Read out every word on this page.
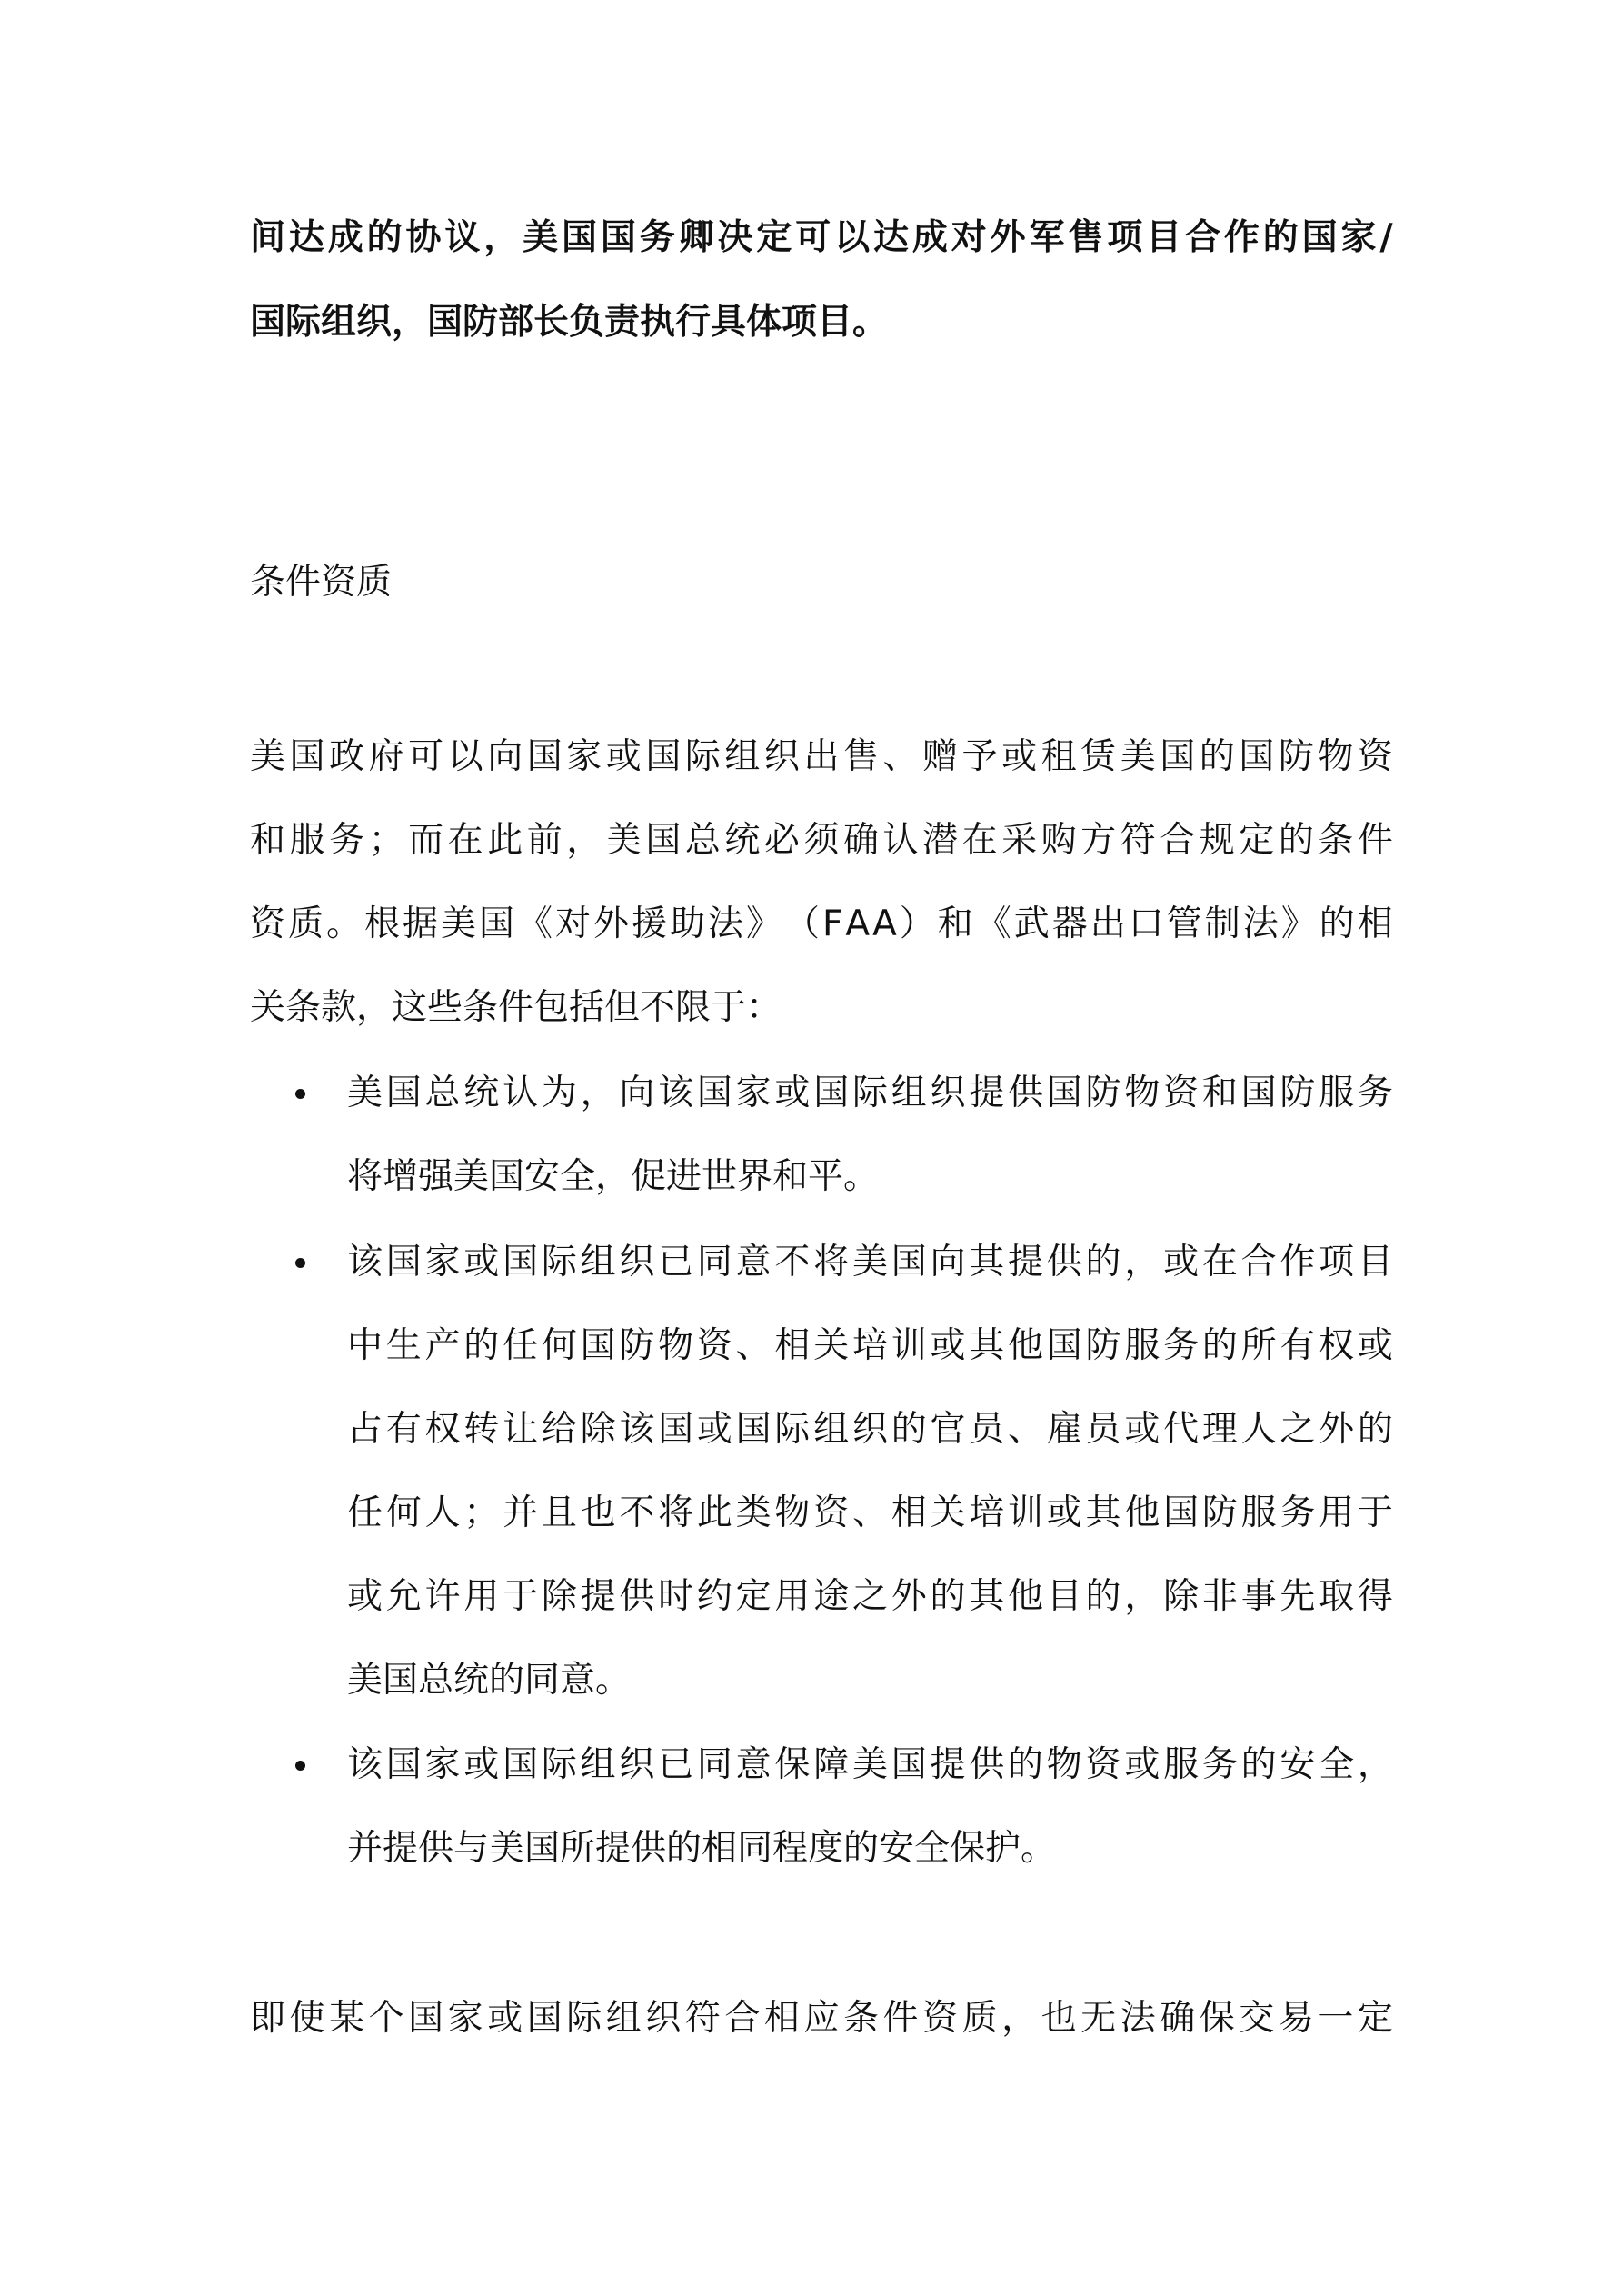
间 达 成 的 协 议 ， 美 国 国 务 卿 决 定 可 以 达 成 对 外 军 售 项 目 合 作 的 国 家 /
国际组织，国防部长负责执行具体项目。
条件资质
美 国 政 府 可 以 向 国 家 或 国 际 组 织 出 售 、 赠 予 或 租 赁 美 国 的 国 防 物 资
和 服 务 ； 而 在 此 前 ， 美 国 总 统 必 须 确 认 潜 在 采 购 方 符 合 规 定 的 条 件
资 质 。 根 据 美 国 《 对 外 援 助 法 》 （ F A A ） 和 《 武 器 出 口 管 制 法 》 的 相
关条款，这些条件包括但不限于：
美 国 总 统 认 为 ， 向 该 国 家 或 国 际 组 织 提 供 国 防 物 资 和 国 防 服 务
将增强美国安全，促进世界和平。
该 国 家 或 国 际 组 织 已 同 意 不 将 美 国 向 其 提 供 的 ， 或 在 合 作 项 目
中 生 产 的 任 何 国 防 物 资 、 相 关 培 训 或 其 他 国 防 服 务 的 所 有 权 或
占 有 权 转 让 给 除 该 国 或 国 际 组 织 的 官 员 、 雇 员 或 代 理 人 之 外 的
任 何 人 ； 并 且 也 不 将 此 类 物 资 、 相 关 培 训 或 其 他 国 防 服 务 用 于
或 允 许 用 于 除 提 供 时 约 定 用 途 之 外 的 其 他 目 的 ， 除 非 事 先 取 得
美国总统的同意。
该 国 家 或 国 际 组 织 已 同 意 保 障 美 国 提 供 的 物 资 或 服 务 的 安 全 ，
并提供与美国所提供的相同程度的安全保护。
即 使 某 个 国 家 或 国 际 组 织 符 合 相 应 条 件 资 质 ， 也 无 法 确 保 交 易 一 定
